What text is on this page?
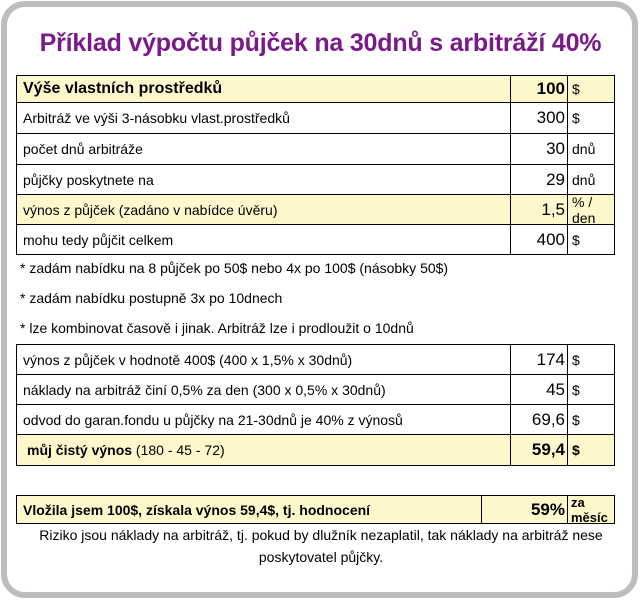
Příklad výpočtu půjček na 30dnů s arbitráží 40%
Výše vlastních prostředků	100 $
Arbitráž ve výši 3-násobku vlast.prostředků	300 $
počet dnů arbitráže	30 dnů
půjčky poskytnete na	29 dnů
výnos z půjček (zadáno v nabídce úvěru)	1,5 % / den
mohu tedy půjčit celkem	400 $
* zadám nabídku na 8 půjček po 50$ nebo 4x po 100$ (násobky 50$)
* zadám nabídku postupně 3x po 10dnech
* lze kombinovat časově i jinak. Arbitráž lze i prodloužit o 10dnů
výnos z půjček v hodnotě 400$ (400 x 1,5% x 30dnů)	174 $
náklady na arbitráž činí 0,5% za den (300 x 0,5% x 30dnů)	45 $
odvod do garan.fondu u půjčky na 21-30dnů je 40% z výnosů	69,6 $
můj čistý výnos (180 - 45 - 72)	59,4 $
Vložila jsem 100$, získala výnos 59,4$, tj. hodnocení	59% za měsíc
Riziko jsou náklady na arbitráž, tj. pokud by dlužník nezaplatil, tak náklady na arbitráž nese poskytovatel půjčky.
